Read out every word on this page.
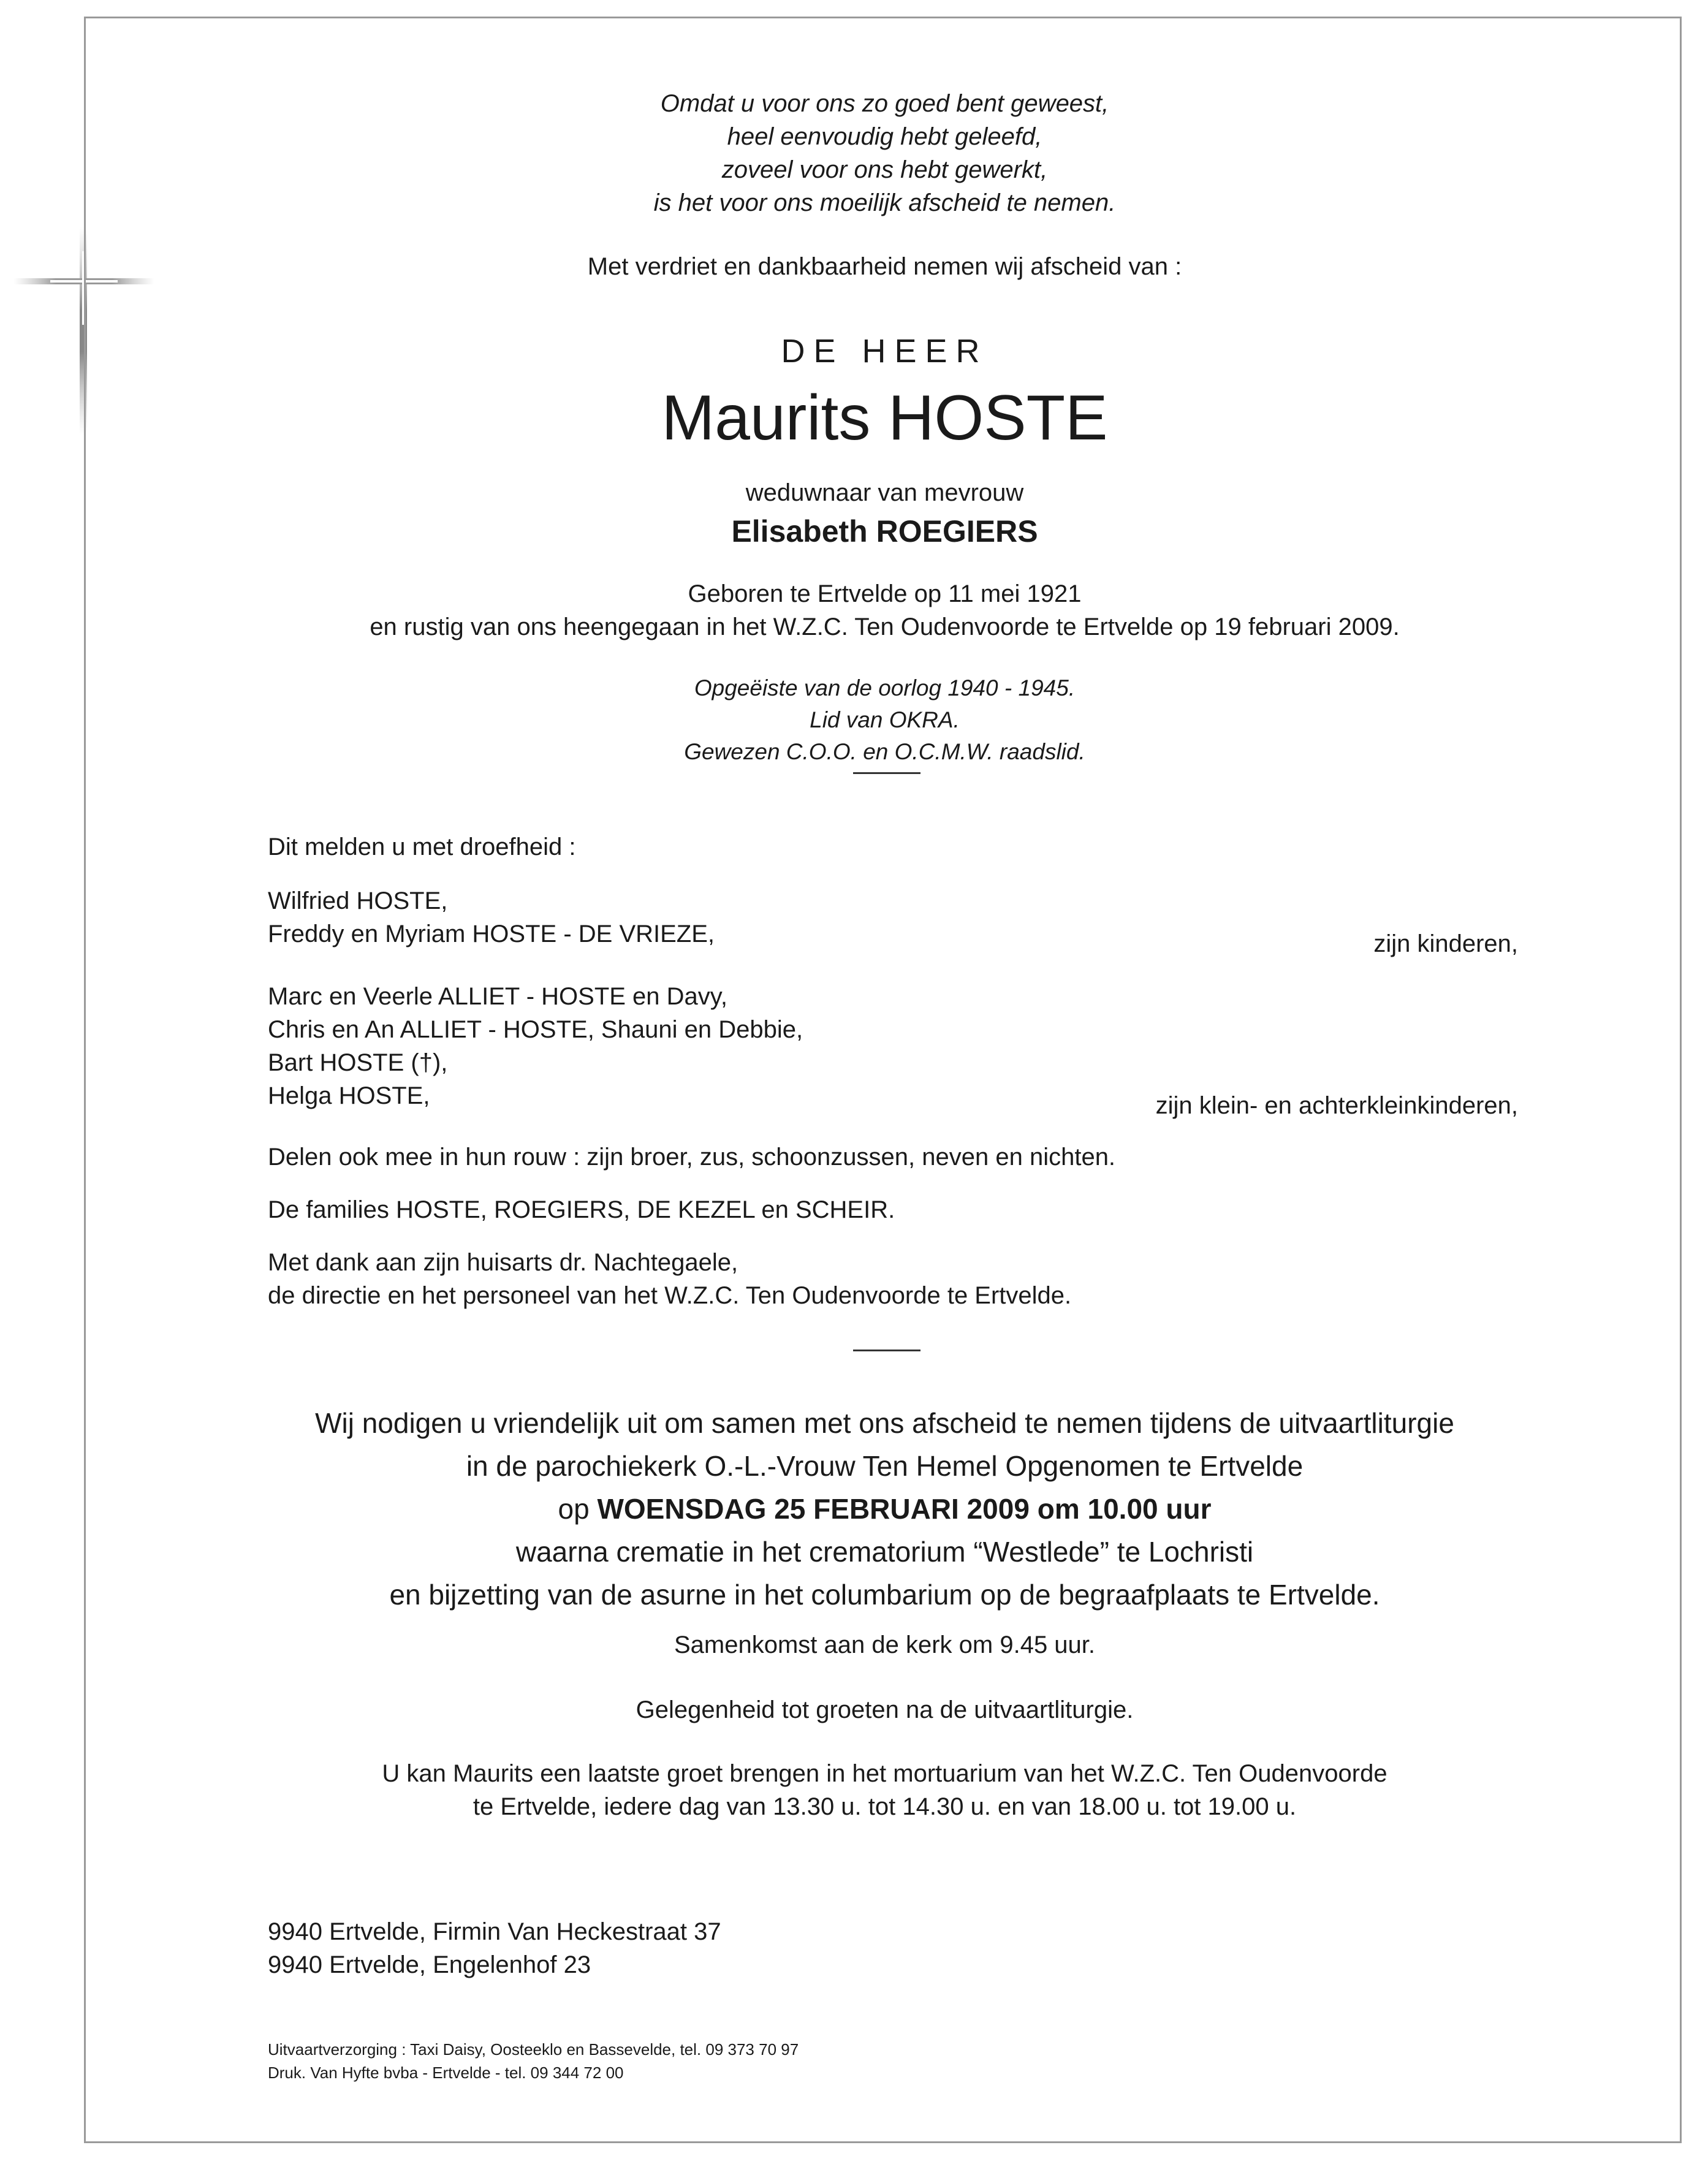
Omdat u voor ons zo goed bent geweest,
heel eenvoudig hebt geleefd,
zoveel voor ons hebt gewerkt,
is het voor ons moeilijk afscheid te nemen.
Met verdriet en dankbaarheid nemen wij afscheid van :
DE HEER
Maurits HOSTE
weduwnaar van mevrouw
Elisabeth ROEGIERS
Geboren te Ertvelde op 11 mei 1921
en rustig van ons heengegaan in het W.Z.C. Ten Oudenvoorde te Ertvelde op 19 februari 2009.
Opgeëiste van de oorlog 1940 - 1945.
Lid van OKRA.
Gewezen C.O.O. en O.C.M.W. raadslid.
Dit melden u met droefheid :
Wilfried HOSTE,
Freddy en Myriam HOSTE - DE VRIEZE,	zijn kinderen,
Marc en Veerle ALLIET - HOSTE en Davy,
Chris en An ALLIET - HOSTE, Shauni en Debbie,
Bart HOSTE (†),
Helga HOSTE,	zijn klein- en achterkleinkinderen,
Delen ook mee in hun rouw : zijn broer, zus, schoonzussen, neven en nichten.
De families HOSTE, ROEGIERS, DE KEZEL en SCHEIR.
Met dank aan zijn huisarts dr. Nachtegaele,
de directie en het personeel van het W.Z.C. Ten Oudenvoorde te Ertvelde.
Wij nodigen u vriendelijk uit om samen met ons afscheid te nemen tijdens de uitvaartliturgie
in de parochiekerk O.-L.-Vrouw Ten Hemel Opgenomen te Ertvelde
op WOENSDAG 25 FEBRUARI 2009 om 10.00 uur
waarna crematie in het crematorium “Westlede” te Lochristi
en bijzetting van de asurne in het columbarium op de begraafplaats te Ertvelde.
Samenkomst aan de kerk om 9.45 uur.
Gelegenheid tot groeten na de uitvaartliturgie.
U kan Maurits een laatste groet brengen in het mortuarium van het W.Z.C. Ten Oudenvoorde
te Ertvelde, iedere dag van 13.30 u. tot 14.30 u. en van 18.00 u. tot 19.00 u.
9940 Ertvelde, Firmin Van Heckestraat 37
9940 Ertvelde, Engelenhof 23
Uitvaartverzorging : Taxi Daisy, Oosteeklo en Bassevelde, tel. 09 373 70 97
Druk. Van Hyfte bvba - Ertvelde - tel. 09 344 72 00
